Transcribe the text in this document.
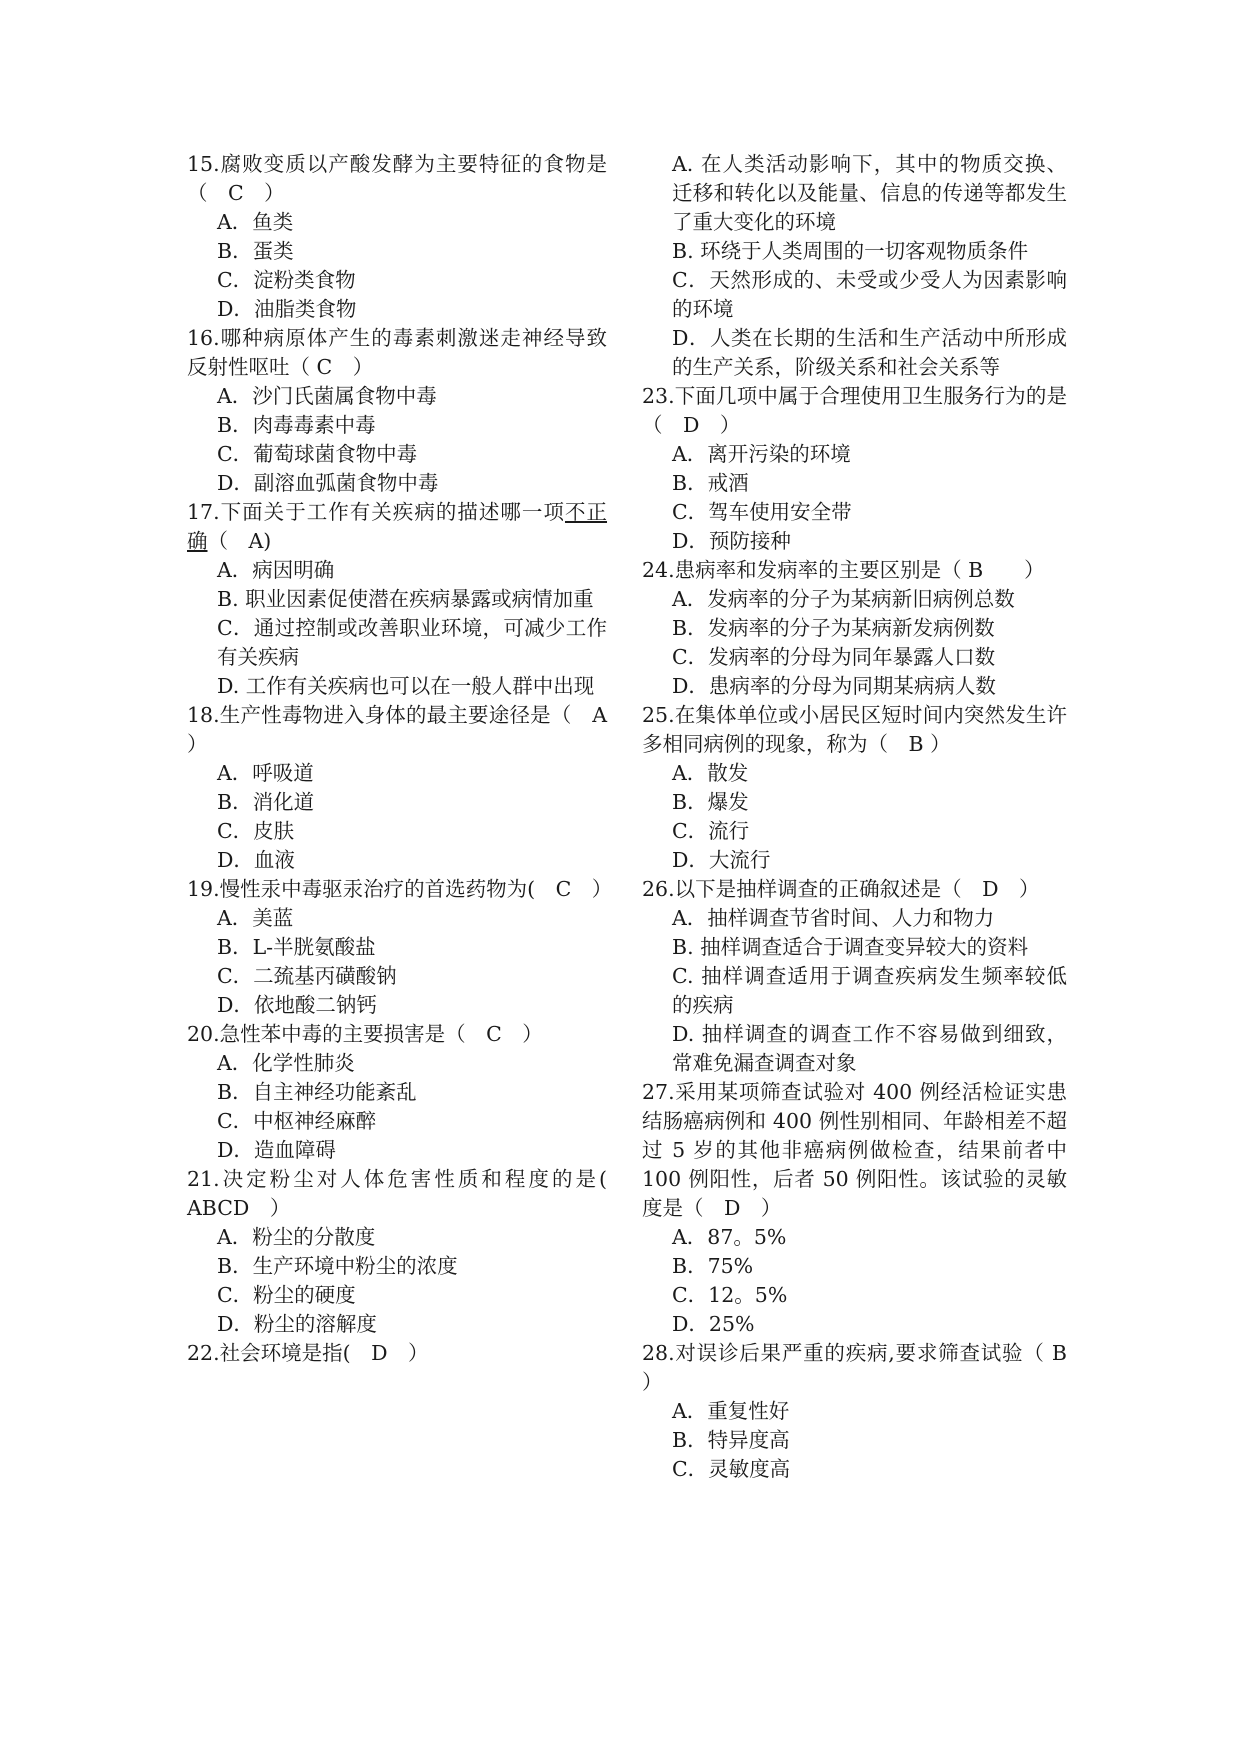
15.腐败变质以产酸发酵为主要特征的食物是（　C　）
A．鱼类
B．蛋类
C．淀粉类食物
D．油脂类食物
16.哪种病原体产生的毒素刺激迷走神经导致反射性呕吐（ C　）
A．沙门氏菌属食物中毒
B．肉毒毒素中毒
C．葡萄球菌食物中毒
D．副溶血弧菌食物中毒
17.下面关于工作有关疾病的描述哪一项不正确（　A)
A．病因明确
B. 职业因素促使潜在疾病暴露或病情加重
C．通过控制或改善职业环境，可减少工作有关疾病
D. 工作有关疾病也可以在一般人群中出现
18.生产性毒物进入身体的最主要途径是（　A ）
A．呼吸道
B．消化道
C．皮肤
D．血液
19.慢性汞中毒驱汞治疗的首选药物为(　C　）
A．美蓝
B．L-半胱氨酸盐
C．二巯基丙磺酸钠
D．依地酸二钠钙
20.急性苯中毒的主要损害是（　C　）
A．化学性肺炎
B．自主神经功能紊乱
C．中枢神经麻醉
D．造血障碍
21.决定粉尘对人体危害性质和程度的是(　ABCD　）
A．粉尘的分散度
B．生产环境中粉尘的浓度
C．粉尘的硬度
D．粉尘的溶解度
22.社会环境是指(　D　）
A. 在人类活动影响下，其中的物质交换、迁移和转化以及能量、信息的传递等都发生了重大变化的环境
B. 环绕于人类周围的一切客观物质条件
C．天然形成的、未受或少受人为因素影响的环境
D．人类在长期的生活和生产活动中所形成的生产关系，阶级关系和社会关系等
23.下面几项中属于合理使用卫生服务行为的是（　D　）
A．离开污染的环境
B．戒酒
C．驾车使用安全带
D．预防接种
24.患病率和发病率的主要区别是（ B　　）
A．发病率的分子为某病新旧病例总数
B．发病率的分子为某病新发病例数
C．发病率的分母为同年暴露人口数
D．患病率的分母为同期某病病人数
25.在集体单位或小居民区短时间内突然发生许多相同病例的现象，称为（　B ）
A．散发
B．爆发
C．流行
D．大流行
26.以下是抽样调查的正确叙述是（　D　）
A．抽样调查节省时间、人力和物力
B. 抽样调查适合于调查变异较大的资料
C. 抽样调查适用于调查疾病发生频率较低的疾病
D. 抽样调查的调查工作不容易做到细致，常难免漏查调查对象
27.采用某项筛查试验对 400 例经活检证实患结肠癌病例和 400 例性别相同、年龄相差不超过 5 岁的其他非癌病例做检查，结果前者中 100 例阳性，后者 50 例阳性。该试验的灵敏度是（　D　）
A．87。5%
B．75%
C．12。5%
D．25%
28.对误诊后果严重的疾病,要求筛查试验（ B　 ）
A．重复性好
B．特异度高
C．灵敏度高
